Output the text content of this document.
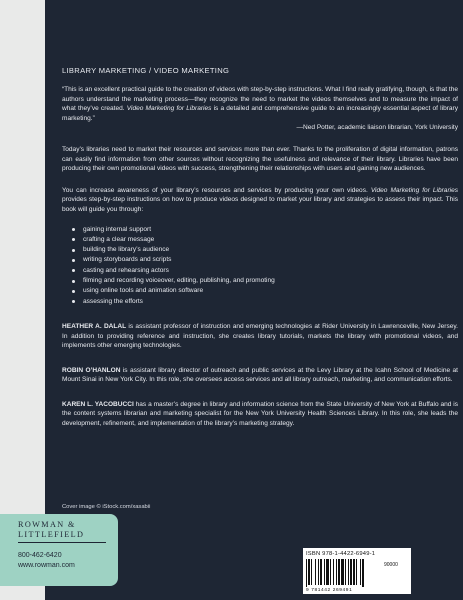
LIBRARY MARKETING / VIDEO MARKETING

“This is an excellent practical guide to the creation of videos with step-by-step instructions. What I find really gratifying, though, is that the authors understand the marketing process—they recognize the need to market the videos themselves and to measure the impact of what they’ve created. Video Marketing for Libraries is a detailed and comprehensive guide to an increasingly essential aspect of library marketing.”

—Ned Potter, academic liaison librarian, York University

Today’s libraries need to market their resources and services more than ever. Thanks to the proliferation of digital information, patrons can easily find information from other sources without recognizing the usefulness and relevance of their library. Libraries have been producing their own promotional videos with success, strengthening their relationships with users and gaining new audiences.

You can increase awareness of your library’s resources and services by producing your own videos. Video Marketing for Libraries provides step-by-step instructions on how to produce videos designed to market your library and strategies to assess their impact. This book will guide you through:

gaining internal support
crafting a clear message
building the library’s audience
writing storyboards and scripts
casting and rehearsing actors
filming and recording voiceover, editing, publishing, and promoting
using online tools and animation software
assessing the efforts

HEATHER A. DALAL is assistant professor of instruction and emerging technologies at Rider University in Lawrenceville, New Jersey. In addition to providing reference and instruction, she creates library tutorials, markets the library with promotional videos, and implements other emerging technologies.

ROBIN O’HANLON is assistant library director of outreach and public services at the Levy Library at the Icahn School of Medicine at Mount Sinai in New York City. In this role, she oversees access services and all library outreach, marketing, and communication efforts.

KAREN L. YACOBUCCI has a master’s degree in library and information science from the State University of New York at Buffalo and is the content systems librarian and marketing specialist for the New York University Health Sciences Library. In this role, she leads the development, refinement, and implementation of the library’s marketing strategy.

Cover image © iStock.com/xasabii
ROWMAN &
LITTLEFIELD
800-462-6420
www.rowman.com
ISBN 978-1-4422-6949-1
90000
9 781442 269491
